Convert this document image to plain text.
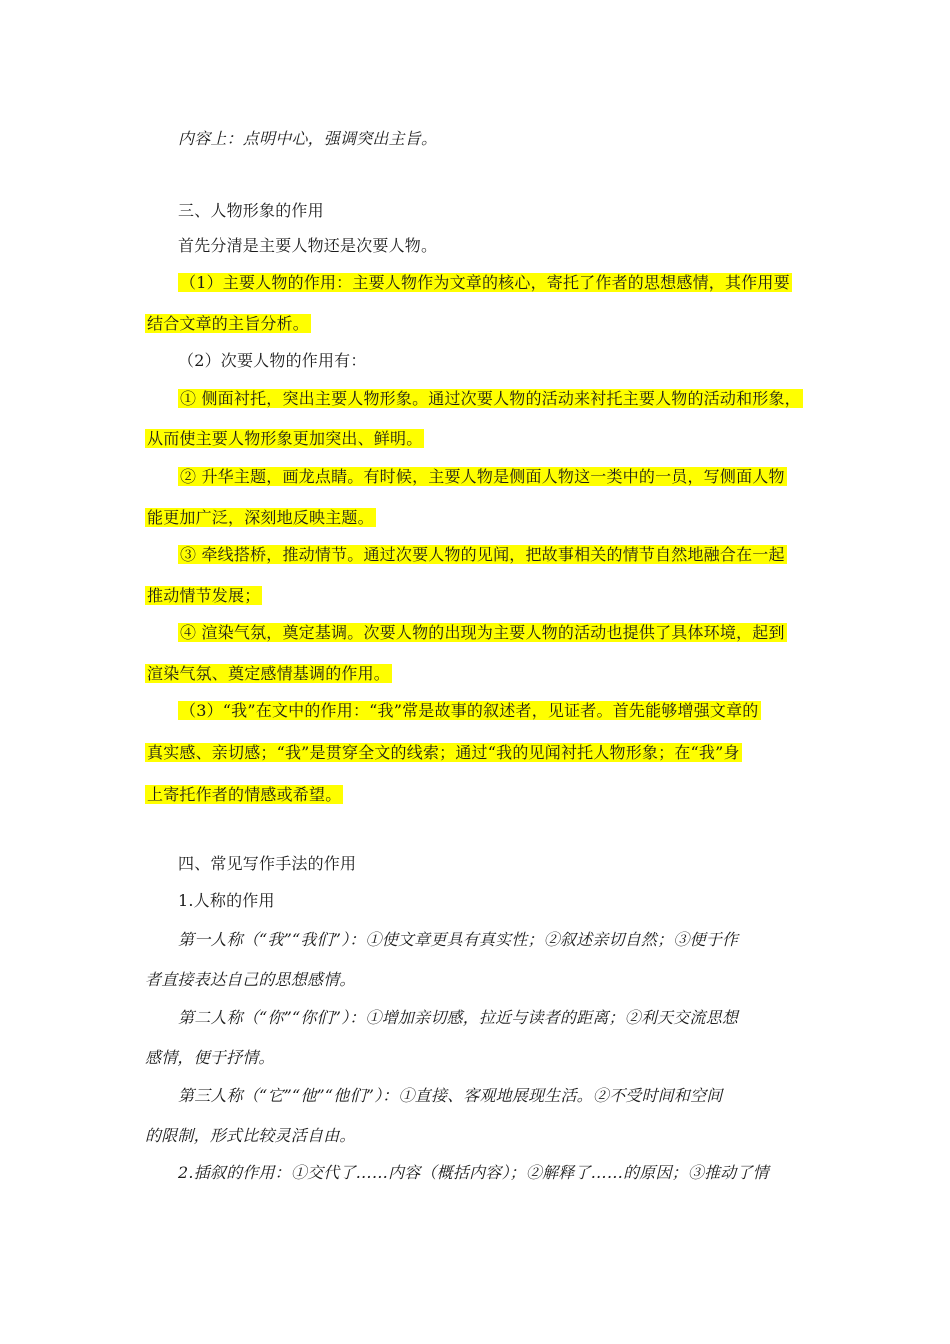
内容上：点明中心，强调突出主旨。
三、人物形象的作用
首先分清是主要人物还是次要人物。
（1）主要人物的作用：主要人物作为文章的核心，寄托了作者的思想感情，其作用要
结合文章的主旨分析。
（2）次要人物的作用有：
① 侧面衬托，突出主要人物形象。通过次要人物的活动来衬托主要人物的活动和形象，
从而使主要人物形象更加突出、鲜明。
② 升华主题，画龙点睛。有时候，主要人物是侧面人物这一类中的一员，写侧面人物
能更加广泛，深刻地反映主题。
③ 牵线搭桥，推动情节。通过次要人物的见闻，把故事相关的情节自然地融合在一起
推动情节发展；
④ 渲染气氛，奠定基调。次要人物的出现为主要人物的活动也提供了具体环境，起到
渲染气氛、奠定感情基调的作用。
（3）“我”在文中的作用：“我”常是故事的叙述者，见证者。首先能够增强文章的
真实感、亲切感；“我”是贯穿全文的线索；通过“我的见闻衬托人物形象；在“我”身
上寄托作者的情感或希望。
四、常见写作手法的作用
1.人称的作用
第一人称（“我”“我们”）：①使文章更具有真实性；②叙述亲切自然；③便于作
者直接表达自己的思想感情。
第二人称（“你”“你们”）：①增加亲切感，拉近与读者的距离；②利天交流思想
感情，便于抒情。
第三人称（“它”“他”“他们”）：①直接、客观地展现生活。②不受时间和空间
的限制，形式比较灵活自由。
2.插叙的作用：①交代了……内容（概括内容）；②解释了……的原因；③推动了情
